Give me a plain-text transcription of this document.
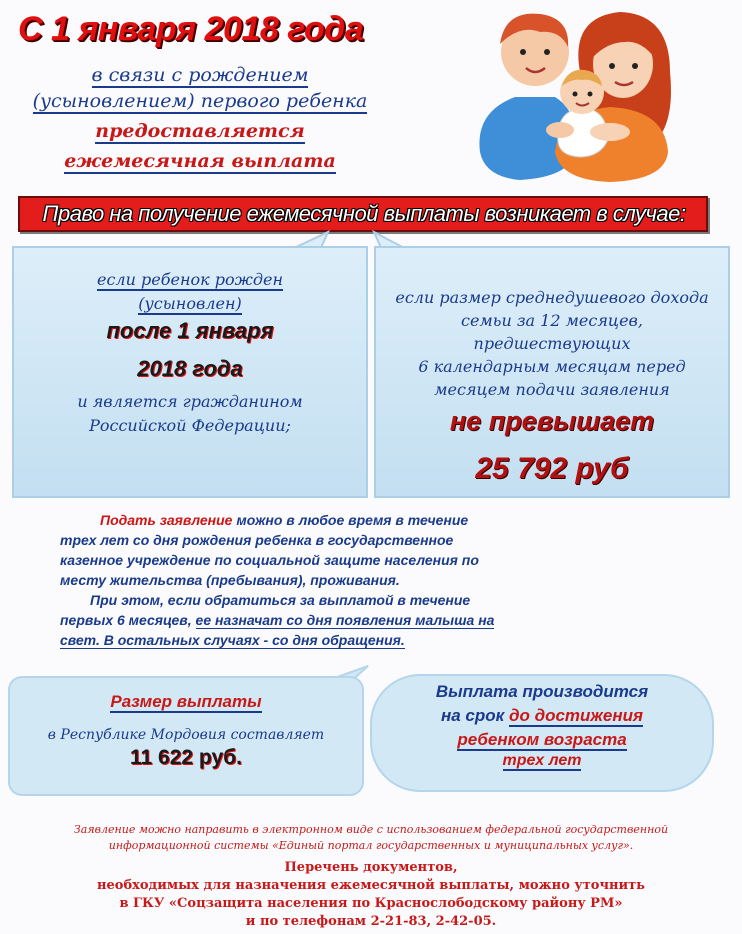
С 1 января 2018 года
в связи с рождением
(усыновлением) первого ребенка
предоставляется
ежемесячная выплата
Право на получение ежемесячной выплаты возникает в случае:
если ребенок рожден
(усыновлен)
после 1 января
2018 года
и является гражданином
Российской Федерации;
если размер среднедушевого дохода
семьи за 12 месяцев,
предшествующих
6 календарным месяцам перед
месяцем подачи заявления
не превышает
25 792 руб
Подать заявление можно в любое время в течение
трех лет со дня рождения ребенка в государственное
казенное учреждение по социальной защите населения по
месту жительства (пребывания), проживания.
При этом, если обратиться за выплатой в течение
первых 6 месяцев, ее назначат со дня появления малыша на
свет. В остальных случаях - со дня обращения.
Размер выплаты
в Республике Мордовия составляет
11 622 руб.
Выплата производится
на срок до достижения
ребенком возраста
трех лет
Заявление можно направить в электронном виде с использованием федеральной государственной
информационной системы «Единый портал государственных и муниципальных услуг».
Перечень документов,
необходимых для назначения ежемесячной выплаты, можно уточнить
в ГКУ «Соцзащита населения по Краснослободскому району РМ»
и по телефонам 2-21-83, 2-42-05.
